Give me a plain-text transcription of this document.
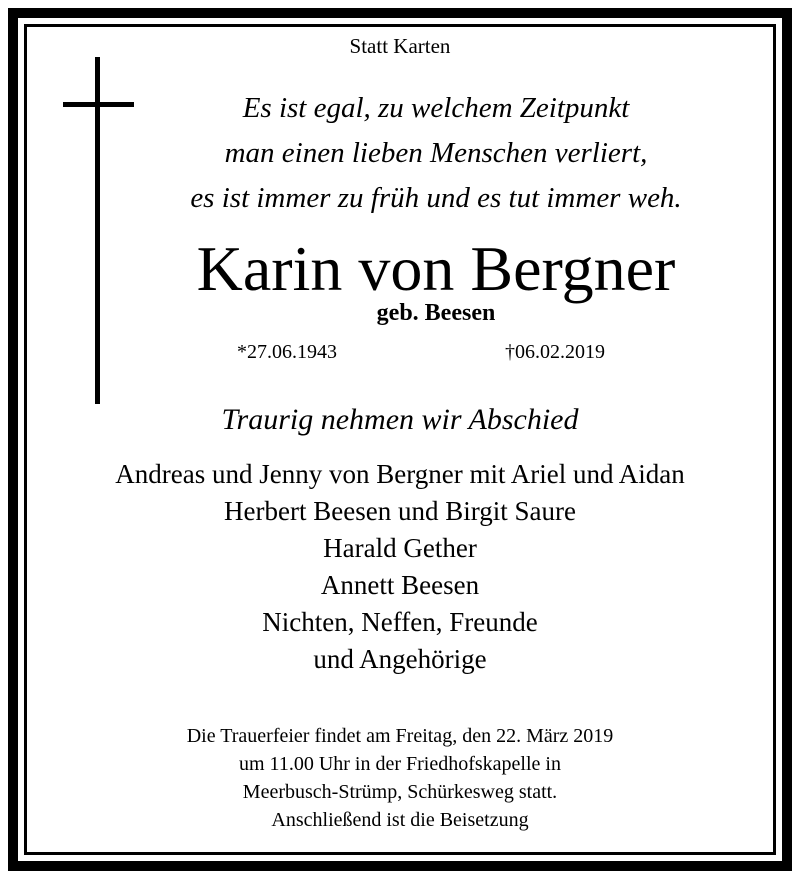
Statt Karten

Es ist egal, zu welchem Zeitpunkt
man einen lieben Menschen verliert,
es ist immer zu früh und es tut immer weh.

Karin von Bergner

geb. Beesen

*27.06.1943	†06.02.2019

Traurig nehmen wir Abschied

Andreas und Jenny von Bergner mit Ariel und Aidan
Herbert Beesen und Birgit Saure
Harald Gether
Annett Beesen
Nichten, Neffen, Freunde
und Angehörige
Die Trauerfeier findet am Freitag, den 22. März 2019
um 11.00 Uhr in der Friedhofskapelle in
Meerbusch-Strümp, Schürkesweg statt.
Anschließend ist die Beisetzung
